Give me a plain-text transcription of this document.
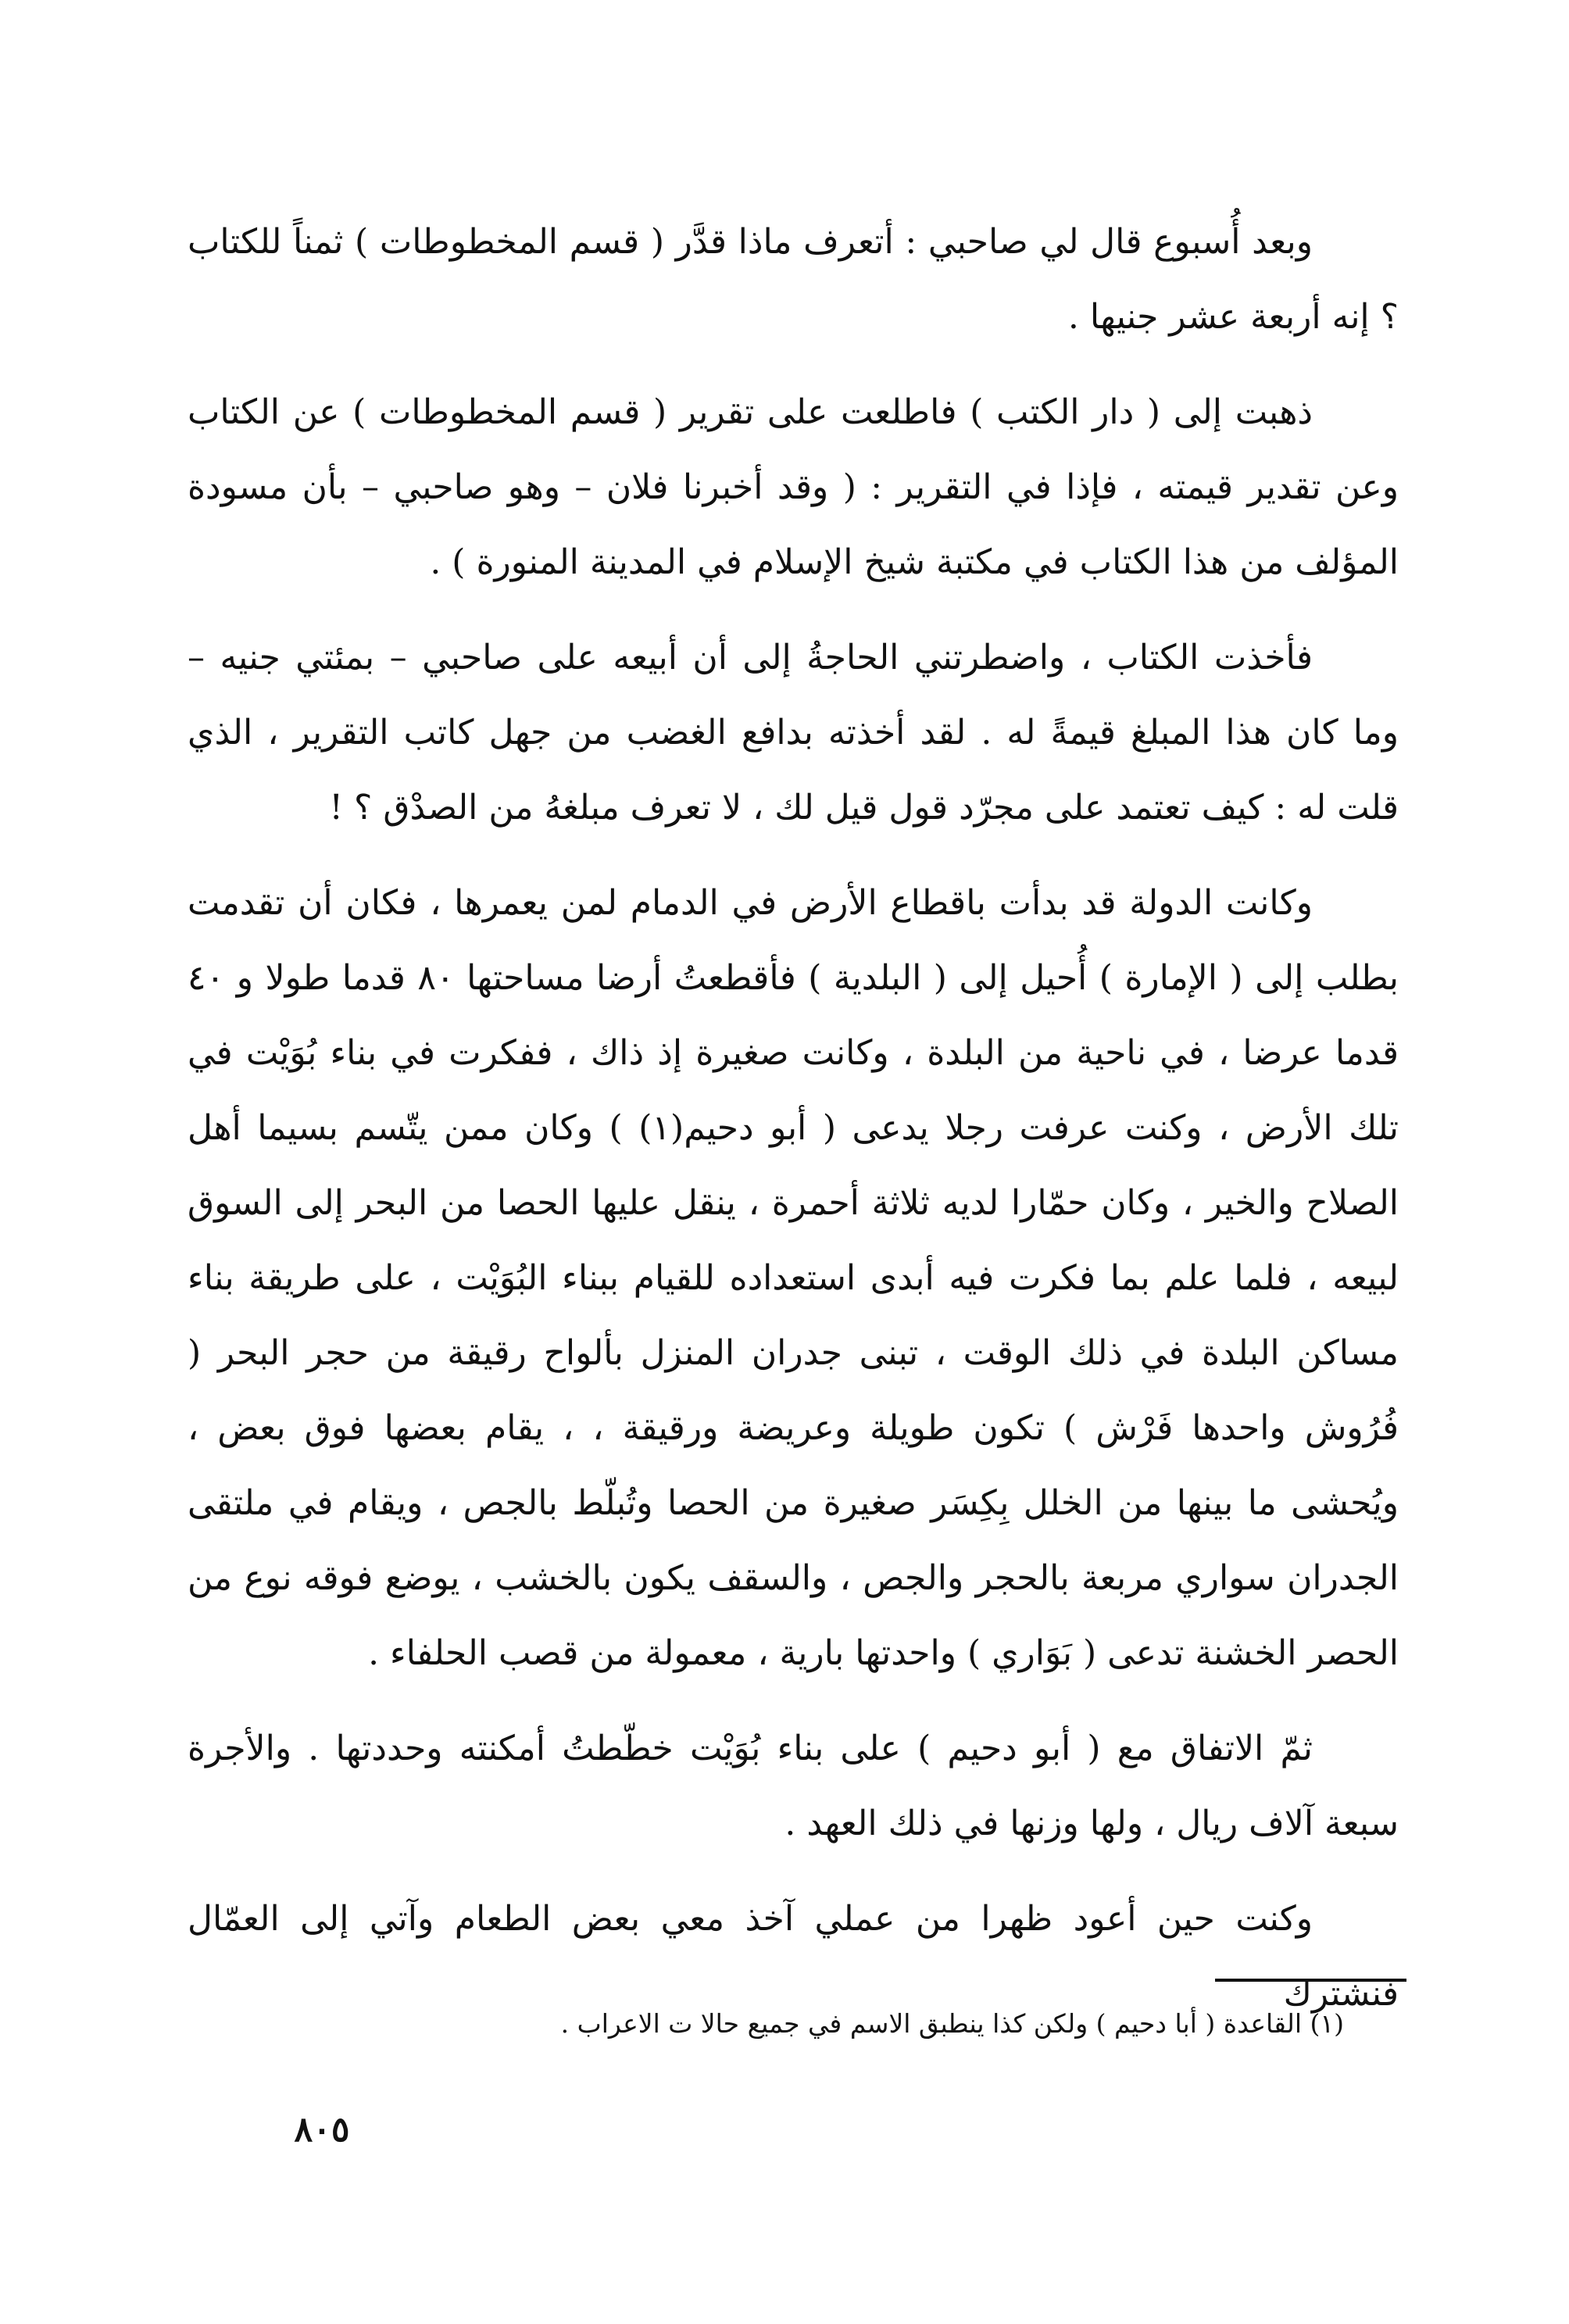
وبعد أُسبوع قال لي صاحبي : أتعرف ماذا قدَّر ( قسم المخطوطات ) ثمناً للكتاب ؟ إنه أربعة عشر جنيها .

ذهبت إلى ( دار الكتب ) فاطلعت على تقرير ( قسم المخطوطات ) عن الكتاب وعن تقدير قيمته ، فإذا في التقرير : ( وقد أخبرنا فلان – وهو صاحبي – بأن مسودة المؤلف من هذا الكتاب في مكتبة شيخ الإسلام في المدينة المنورة ) .

فأخذت الكتاب ، واضطرتني الحاجةُ إلى أن أبيعه على صاحبي – بمئتي جنيه – وما كان هذا المبلغ قيمةً له . لقد أخذته بدافع الغضب من جهل كاتب التقرير ، الذي قلت له : كيف تعتمد على مجرّد قول قيل لك ، لا تعرف مبلغهُ من الصدْق ؟ !

وكانت الدولة قد بدأت باقطاع الأرض في الدمام لمن يعمرها ، فكان أن تقدمت بطلب إلى ( الإمارة ) أُحيل إلى ( البلدية ) فأقطعتُ أرضا مساحتها ٨٠ قدما طولا و ٤٠ قدما عرضا ، في ناحية من البلدة ، وكانت صغيرة إذ ذاك ، ففكرت في بناء بُوَيْت في تلك الأرض ، وكنت عرفت رجلا يدعى ( أبو دحيم(١) ) وكان ممن يتّسم بسيما أهل الصلاح والخير ، وكان حمّارا لديه ثلاثة أحمرة ، ينقل عليها الحصا من البحر إلى السوق لبيعه ، فلما علم بما فكرت فيه أبدى استعداده للقيام ببناء البُوَيْت ، على طريقة بناء مساكن البلدة في ذلك الوقت ، تبنى جدران المنزل بألواح رقيقة من حجر البحر ( فُرُوش واحدها فَرْش ) تكون طويلة وعريضة ورقيقة ، ، يقام بعضها فوق بعض ، ويُحشى ما بينها من الخلل بِكِسَر صغيرة من الحصا وتُبلّط بالجص ، ويقام في ملتقى الجدران سواري مربعة بالحجر والجص ، والسقف يكون بالخشب ، يوضع فوقه نوع من الحصر الخشنة تدعى ( بَوَاري ) واحدتها بارية ، معمولة من قصب الحلفاء .

ثمّ الاتفاق مع ( أبو دحيم ) على بناء بُوَيْت خطّطتُ أمكنته وحددتها . والأجرة سبعة آلاف ريال ، ولها وزنها في ذلك العهد .

وكنت حين أعود ظهرا من عملي آخذ معي بعض الطعام وآتي إلى العمّال فنشترك

(١) القاعدة ( أبا دحيم ) ولكن كذا ينطبق الاسم في جميع حالا ت الاعراب .
٨٠٥
